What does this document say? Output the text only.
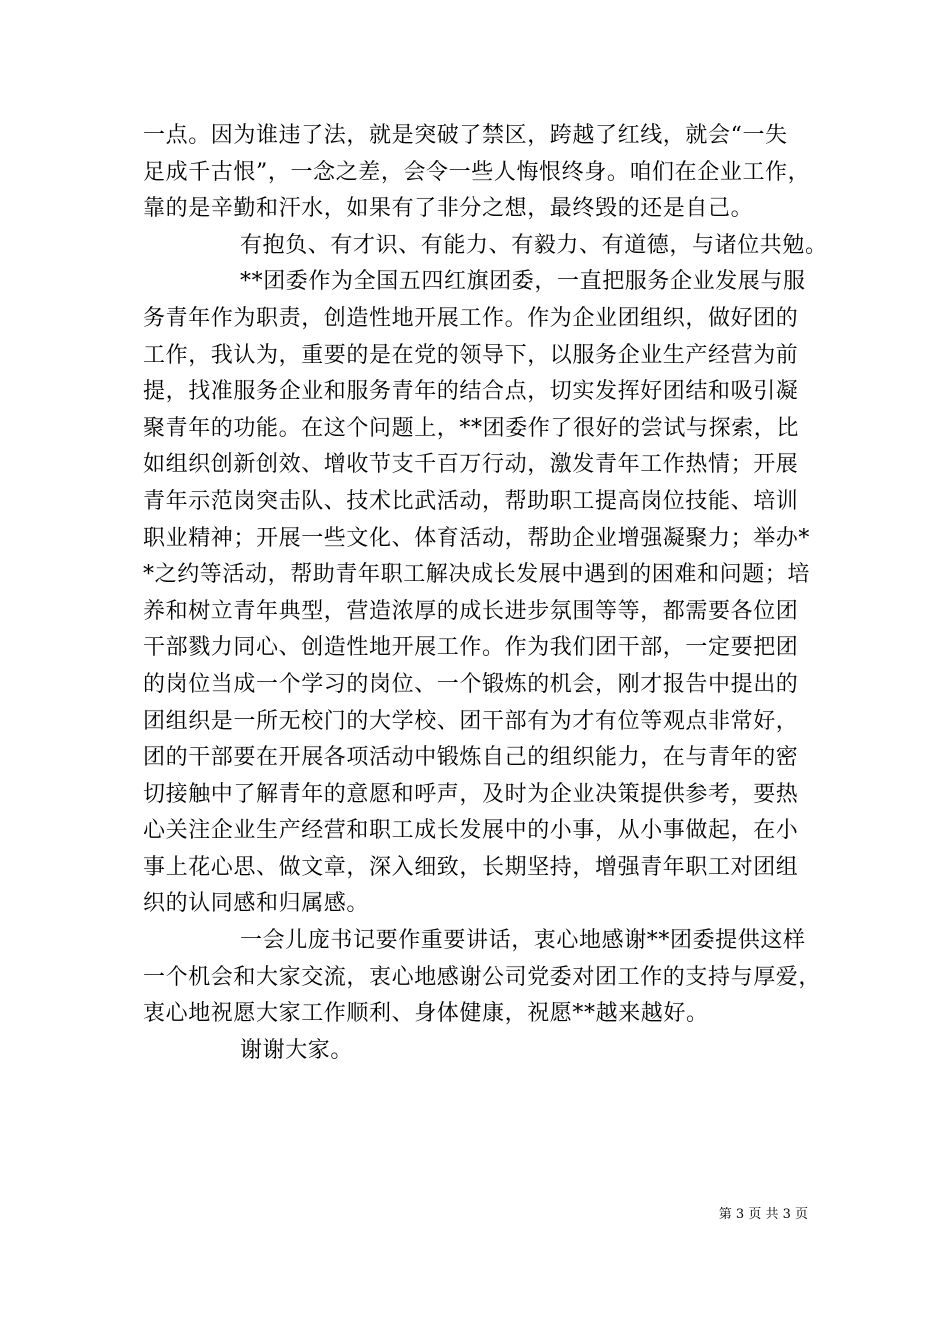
一点。因为谁违了法，就是突破了禁区，跨越了红线，就会“一失
足成千古恨”，一念之差，会令一些人悔恨终身。咱们在企业工作，
靠的是辛勤和汗水，如果有了非分之想，最终毁的还是自己。
有抱负、有才识、有能力、有毅力、有道德，与诸位共勉。
**团委作为全国五四红旗团委，一直把服务企业发展与服
务青年作为职责，创造性地开展工作。作为企业团组织，做好团的
工作，我认为，重要的是在党的领导下，以服务企业生产经营为前
提，找准服务企业和服务青年的结合点，切实发挥好团结和吸引凝
聚青年的功能。在这个问题上，**团委作了很好的尝试与探索，比
如组织创新创效、增收节支千百万行动，激发青年工作热情；开展
青年示范岗突击队、技术比武活动，帮助职工提高岗位技能、培训
职业精神；开展一些文化、体育活动，帮助企业增强凝聚力；举办*
*之约等活动，帮助青年职工解决成长发展中遇到的困难和问题；培
养和树立青年典型，营造浓厚的成长进步氛围等等，都需要各位团
干部戮力同心、创造性地开展工作。作为我们团干部，一定要把团
的岗位当成一个学习的岗位、一个锻炼的机会，刚才报告中提出的
团组织是一所无校门的大学校、团干部有为才有位等观点非常好，
团的干部要在开展各项活动中锻炼自己的组织能力，在与青年的密
切接触中了解青年的意愿和呼声，及时为企业决策提供参考，要热
心关注企业生产经营和职工成长发展中的小事，从小事做起，在小
事上花心思、做文章，深入细致，长期坚持，增强青年职工对团组
织的认同感和归属感。
一会儿庞书记要作重要讲话，衷心地感谢**团委提供这样
一个机会和大家交流，衷心地感谢公司党委对团工作的支持与厚爱，
衷心地祝愿大家工作顺利、身体健康，祝愿**越来越好。
谢谢大家。
第 3 页 共 3 页
